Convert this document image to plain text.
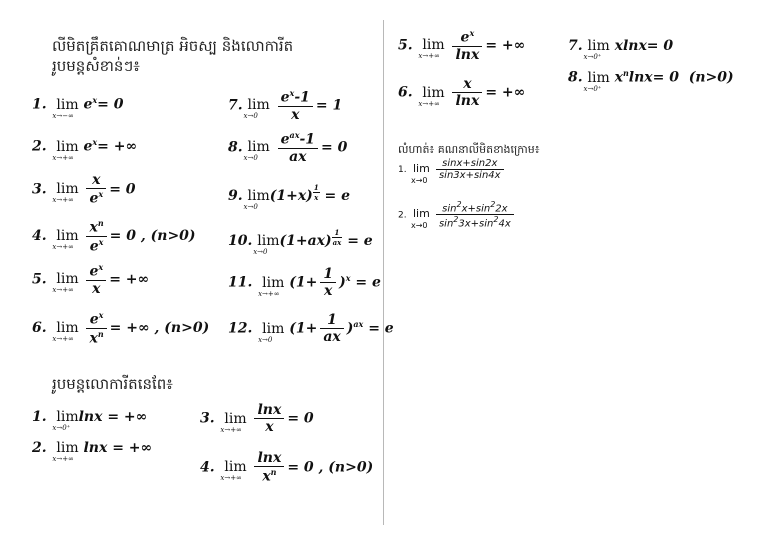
លីមិតគ្រឹតគោណមាត្រ អិចស្ប និងលោការីត
រូបមន្តសំខាន់ៗ៖
រូបមន្តលោការីតនេពែ៖
លំហាត់៖ គណនាលីមិតខាងក្រោម៖
1. lim
x→−∞
$e^x= 0$
2. lim
x→+∞
$e^x=$ +∞
3. lim
x→+∞
$\frac{x}{e^x} = 0$
4. lim
x→+∞
$\frac{x^n}{e^x} = 0$ , (n>0)
5. lim
x→+∞
$\frac{e^x}{x}$ = +∞
6. lim
x→+∞
$\frac{e^x}{x^n}$ = +∞ , (n>0)
7. lim
x→0
$\frac{e^x-1}{x} = 1$
8. lim
x→0

$e^{ax}-1$
ax
= 0
9. lim
x→0
(1+x) $^{\frac{1}{x}}$ = e
10. lim
x→0
(1+ax) $^{\frac{1}{ax}}$ = e
11. lim
x→+∞
$(1+ \frac{1}{x} )^x = e$
12. lim
x→0
$(1+ \frac{1}{ax} )^{ax} = e$
1. lim
x→0⁺
lnx = +∞
2. lim
x→+∞
lnx = +∞
3. lim
x→+∞
$\frac{\ln x}{x} = 0$
4. lim
x→+∞
$\frac{\ln x}{x^n} = 0$ , (n>0)
5. lim
x→+∞
$\frac{e^x}{\ln x}$ = +∞
6. lim
x→+∞
$\frac{x}{\ln x}$ = +∞
7. lim
x→0⁺
xlnx= 0
8. lim
x→0⁺
$x^n\ln x= 0$  (n>0)
1. lim
x→0
$\frac{\sin x+\sin 2x}{\sin 3x+\sin 4x}$
2. lim
x→0
$\frac{\sin^2x+\sin^22x}{\sin^23x+\sin^24x}$
